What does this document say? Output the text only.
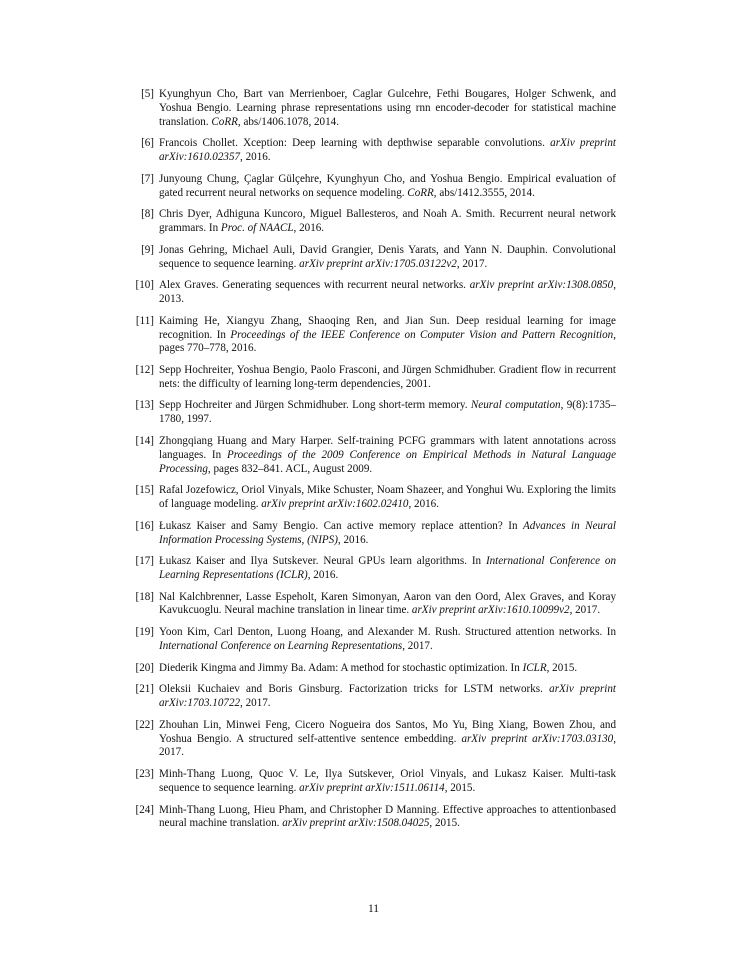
[5] Kyunghyun Cho, Bart van Merrienboer, Caglar Gulcehre, Fethi Bougares, Holger Schwenk, and Yoshua Bengio. Learning phrase representations using rnn encoder-decoder for statistical machine translation. CoRR, abs/1406.1078, 2014.
[6] Francois Chollet. Xception: Deep learning with depthwise separable convolutions. arXiv preprint arXiv:1610.02357, 2016.
[7] Junyoung Chung, Çaglar Gülçehre, Kyunghyun Cho, and Yoshua Bengio. Empirical evaluation of gated recurrent neural networks on sequence modeling. CoRR, abs/1412.3555, 2014.
[8] Chris Dyer, Adhiguna Kuncoro, Miguel Ballesteros, and Noah A. Smith. Recurrent neural network grammars. In Proc. of NAACL, 2016.
[9] Jonas Gehring, Michael Auli, David Grangier, Denis Yarats, and Yann N. Dauphin. Convolutional sequence to sequence learning. arXiv preprint arXiv:1705.03122v2, 2017.
[10] Alex Graves. Generating sequences with recurrent neural networks. arXiv preprint arXiv:1308.0850, 2013.
[11] Kaiming He, Xiangyu Zhang, Shaoqing Ren, and Jian Sun. Deep residual learning for image recognition. In Proceedings of the IEEE Conference on Computer Vision and Pattern Recognition, pages 770–778, 2016.
[12] Sepp Hochreiter, Yoshua Bengio, Paolo Frasconi, and Jürgen Schmidhuber. Gradient flow in recurrent nets: the difficulty of learning long-term dependencies, 2001.
[13] Sepp Hochreiter and Jürgen Schmidhuber. Long short-term memory. Neural computation, 9(8):1735–1780, 1997.
[14] Zhongqiang Huang and Mary Harper. Self-training PCFG grammars with latent annotations across languages. In Proceedings of the 2009 Conference on Empirical Methods in Natural Language Processing, pages 832–841. ACL, August 2009.
[15] Rafal Jozefowicz, Oriol Vinyals, Mike Schuster, Noam Shazeer, and Yonghui Wu. Exploring the limits of language modeling. arXiv preprint arXiv:1602.02410, 2016.
[16] Łukasz Kaiser and Samy Bengio. Can active memory replace attention? In Advances in Neural Information Processing Systems, (NIPS), 2016.
[17] Łukasz Kaiser and Ilya Sutskever. Neural GPUs learn algorithms. In International Conference on Learning Representations (ICLR), 2016.
[18] Nal Kalchbrenner, Lasse Espeholt, Karen Simonyan, Aaron van den Oord, Alex Graves, and Koray Kavukcuoglu. Neural machine translation in linear time. arXiv preprint arXiv:1610.10099v2, 2017.
[19] Yoon Kim, Carl Denton, Luong Hoang, and Alexander M. Rush. Structured attention networks. In International Conference on Learning Representations, 2017.
[20] Diederik Kingma and Jimmy Ba. Adam: A method for stochastic optimization. In ICLR, 2015.
[21] Oleksii Kuchaiev and Boris Ginsburg. Factorization tricks for LSTM networks. arXiv preprint arXiv:1703.10722, 2017.
[22] Zhouhan Lin, Minwei Feng, Cicero Nogueira dos Santos, Mo Yu, Bing Xiang, Bowen Zhou, and Yoshua Bengio. A structured self-attentive sentence embedding. arXiv preprint arXiv:1703.03130, 2017.
[23] Minh-Thang Luong, Quoc V. Le, Ilya Sutskever, Oriol Vinyals, and Lukasz Kaiser. Multi-task sequence to sequence learning. arXiv preprint arXiv:1511.06114, 2015.
[24] Minh-Thang Luong, Hieu Pham, and Christopher D Manning. Effective approaches to attentionbased neural machine translation. arXiv preprint arXiv:1508.04025, 2015.
11
